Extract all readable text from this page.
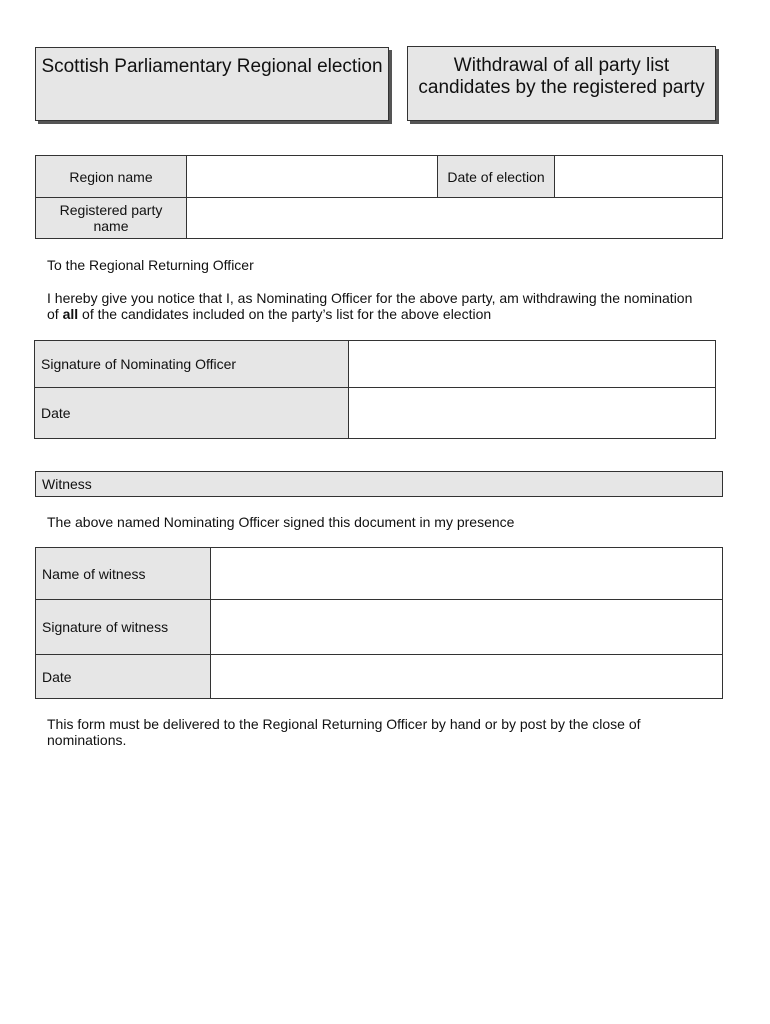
Scottish Parliamentary Regional election	Withdrawal of all party list candidates by the registered party
Region name		Date of election	
Registered party name			

To the Regional Returning Officer

I hereby give you notice that I, as Nominating Officer for the above party, am withdrawing the nomination of all of the candidates included on the party’s list for the above election

Signature of Nominating Officer	
Date	
Witness

The above named Nominating Officer signed this document in my presence

Name of witness	
Signature of witness	
Date	

This form must be delivered to the Regional Returning Officer by hand or by post by the close of nominations.
